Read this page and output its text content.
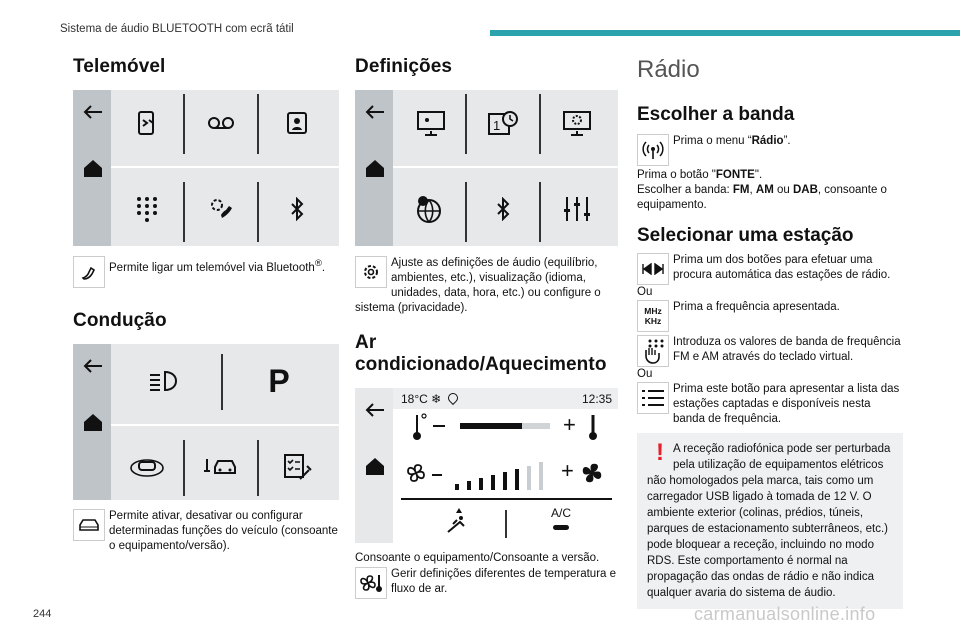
Sistema de áudio BLUETOOTH com ecrã tátil
Telemóvel
Permite ligar um telemóvel via Bluetooth®.
Condução
P
Permite ativar, desativar ou configurar determinadas funções do veículo (consoante o equipamento/versão).
Definições
1
Ajuste as definições de áudio (equilíbrio, ambientes, etc.), visualização (idioma, unidades, data, hora, etc.) ou configure o sistema (privacidade).
Ar condicionado/Aquecimento
18°C ❄	12:35
+
+
A/C
Consoante o equipamento/Consoante a versão.
Gerir definições diferentes de temperatura e fluxo de ar.
Rádio
Escolher a banda
Prima o menu “Rádio”.
Prima o botão "FONTE".
Escolher a banda: FM, AM ou DAB, consoante o equipamento.
Selecionar uma estação
Prima um dos botões para efetuar uma procura automática das estações de rádio.
Ou
MHz
KHz
Prima a frequência apresentada.
Introduza os valores de banda de frequência FM e AM através do teclado virtual.
Ou
Prima este botão para apresentar a lista das estações captadas e disponíveis nesta banda de frequência.
! A receção radiofónica pode ser perturbada pela utilização de equipamentos elétricos não homologados pela marca, tais como um carregador USB ligado à tomada de 12 V. O ambiente exterior (colinas, prédios, túneis, parques de estacionamento subterrâneos, etc.) pode bloquear a receção, incluindo no modo RDS. Este comportamento é normal na propagação das ondas de rádio e não indica qualquer avaria do sistema de áudio.
244	carmanualsonline.info
